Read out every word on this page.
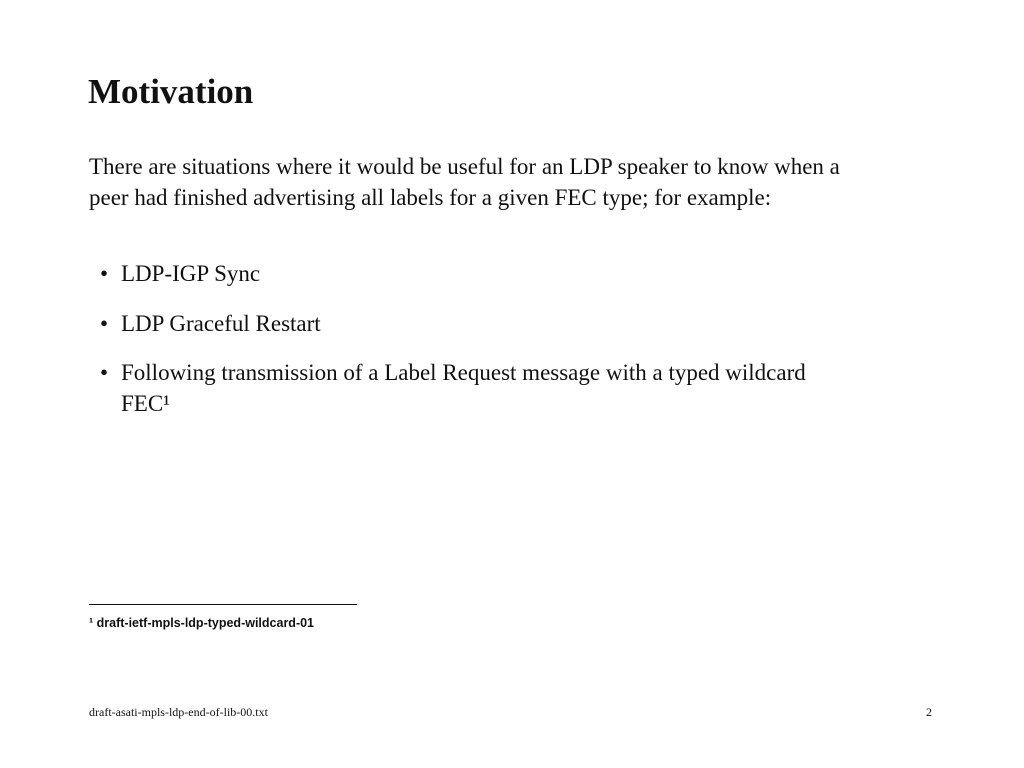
Motivation

There are situations where it would be useful for an LDP speaker to know when a peer had finished advertising all labels for a given FEC type; for example:

• LDP-IGP Sync
• LDP Graceful Restart
• Following transmission of a Label Request message with a typed wildcard FEC¹
¹ draft-ietf-mpls-ldp-typed-wildcard-01
draft-asati-mpls-ldp-end-of-lib-00.txt	2
